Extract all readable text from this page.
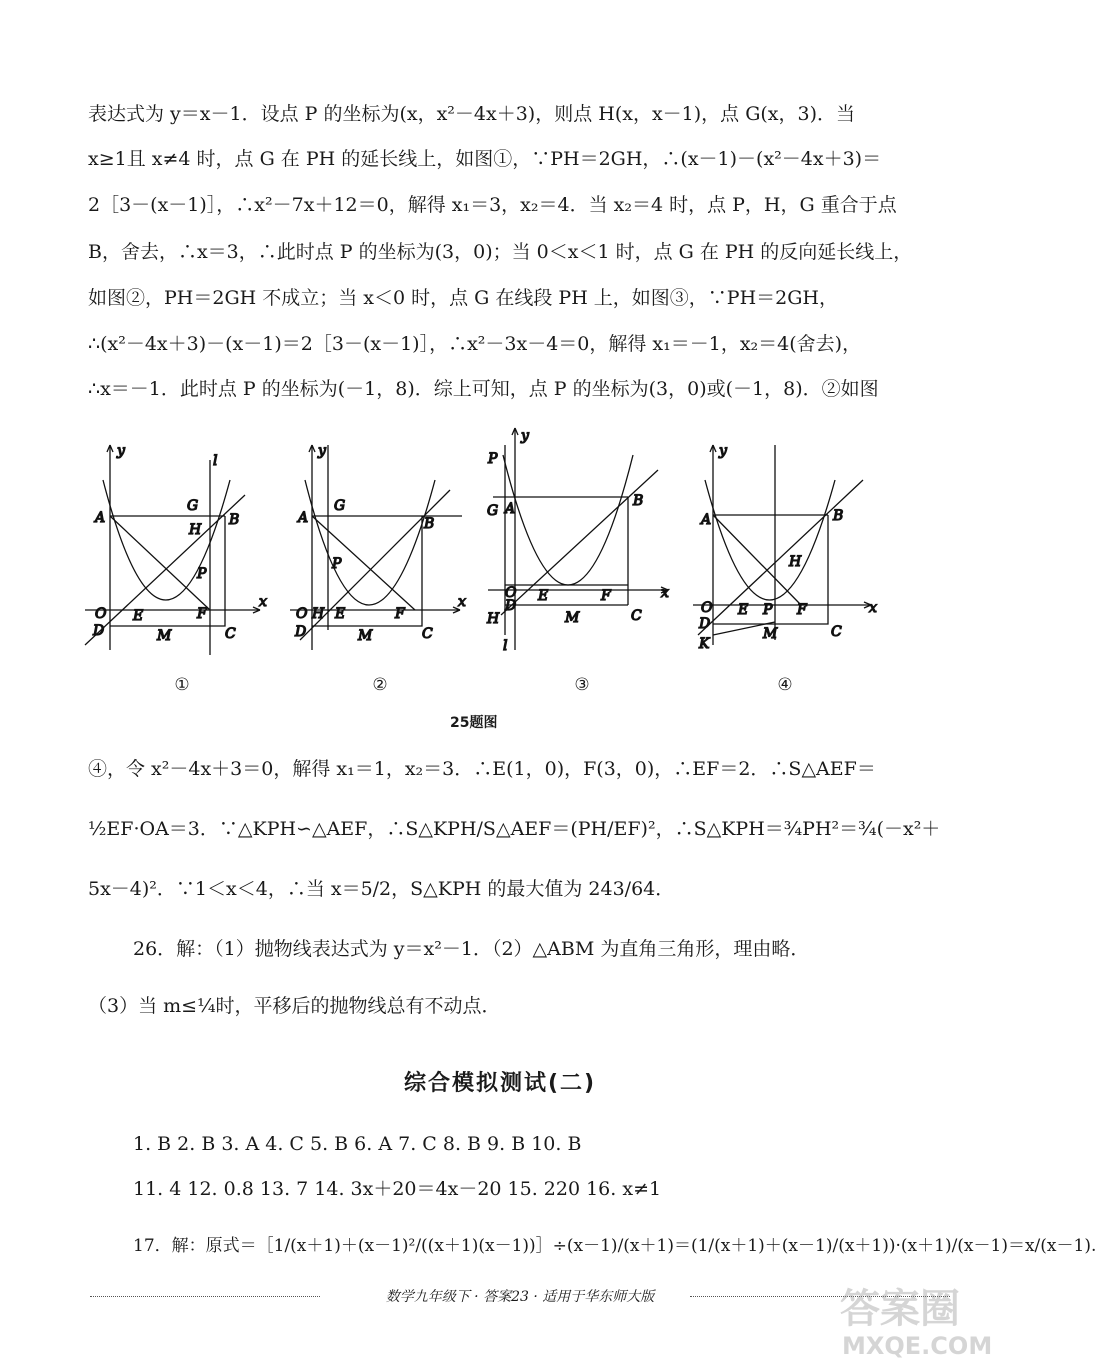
表达式为 y＝x－1．设点 P 的坐标为(x，x²－4x＋3)，则点 H(x，x－1)，点 G(x，3)．当
x≥1且 x≠4 时，点 G 在 PH 的延长线上，如图①，∵PH＝2GH，∴(x－1)－(x²－4x＋3)＝
2［3－(x－1)］，∴x²－7x＋12＝0，解得 x₁＝3，x₂＝4．当 x₂＝4 时，点 P，H，G 重合于点
B，舍去，∴x＝3，∴此时点 P 的坐标为(3，0)；当 0＜x＜1 时，点 G 在 PH 的反向延长线上，
如图②，PH＝2GH 不成立；当 x＜0 时，点 G 在线段 PH 上，如图③，∵PH＝2GH，
∴(x²－4x＋3)－(x－1)＝2［3－(x－1)］，∴x²－3x－4＝0，解得 x₁＝－1，x₂＝4(舍去)，
∴x＝－1．此时点 P 的坐标为(－1，8)．综上可知，点 P 的坐标为(3，0)或(－1，8)．②如图
y
l
G
A
H
B
P
O E	F
x
D	M	C
y
G
A	B
P
O H E	F
x
D	M	C
y
P
G A	B
O
D
E	F	x
H	M	C
l
y
A	B
H
O E P F	x
D
M	C
K
①	②	③	④
25题图
④，令 x²－4x＋3＝0，解得 x₁＝1，x₂＝3．∴E(1，0)，F(3，0)，∴EF＝2．∴S△AEF＝
½EF·OA＝3．∵△KPH∽△AEF，∴S△KPH/S△AEF＝(PH/EF)²，∴S△KPH＝¾PH²＝¾(－x²＋
5x－4)²．∵1＜x＜4，∴当 x＝5/2，S△KPH 的最大值为 243/64．
26．解：（1）抛物线表达式为 y＝x²－1．（2）△ABM 为直角三角形，理由略．
（3）当 m≤¼时，平移后的抛物线总有不动点．
综合模拟测试(二)
1. B 2. B 3. A 4. C 5. B 6. A 7. C 8. B 9. B 10. B
11. 4 12. 0.8 13. 7 14. 3x＋20＝4x－20 15. 220 16. x≠1
17．解：原式＝［1/(x＋1)＋(x－1)²/((x＋1)(x－1))］÷(x－1)/(x＋1)＝(1/(x＋1)＋(x－1)/(x＋1))·(x＋1)/(x－1)＝x/(x－1).
数学九年级下 · 答案23 · 适用于华东师大版	答案圈
MXQE.COM
